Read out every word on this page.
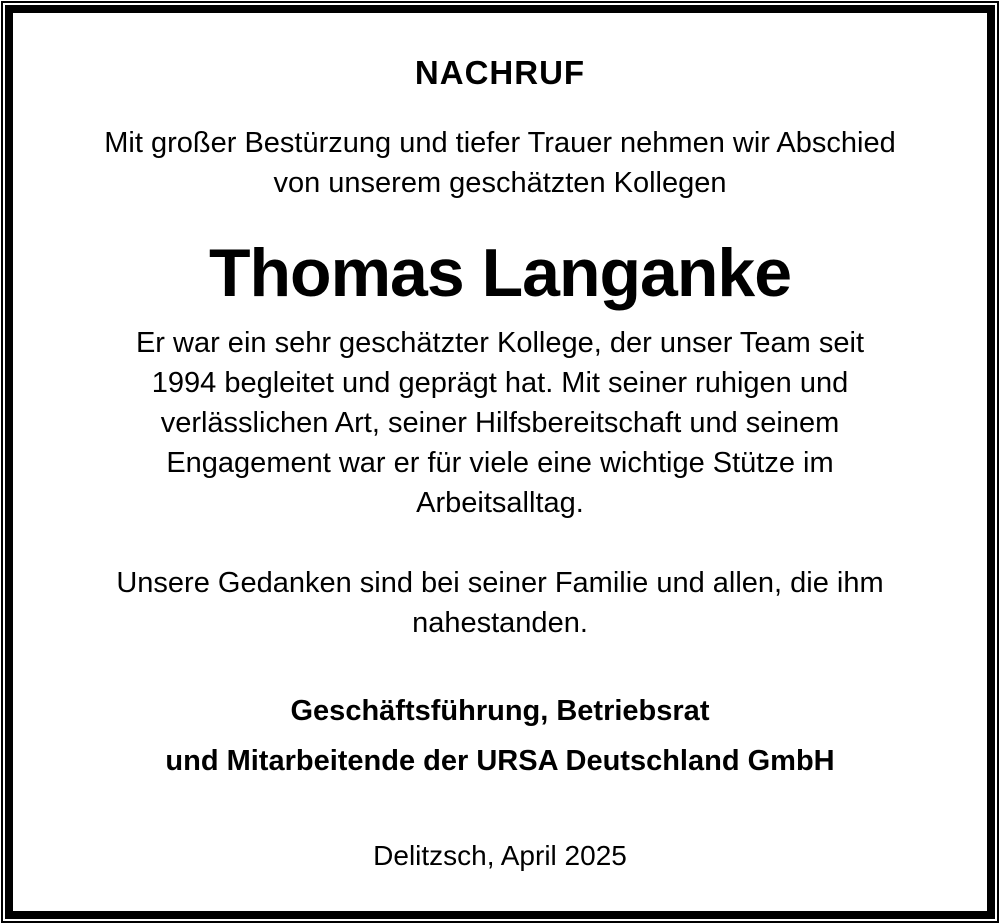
NACHRUF
Mit großer Bestürzung und tiefer Trauer nehmen wir Abschied
von unserem geschätzten Kollegen
Thomas Langanke
Er war ein sehr geschätzter Kollege, der unser Team seit
1994 begleitet und geprägt hat. Mit seiner ruhigen und
verlässlichen Art, seiner Hilfsbereitschaft und seinem
Engagement war er für viele eine wichtige Stütze im
Arbeitsalltag.
Unsere Gedanken sind bei seiner Familie und allen, die ihm
nahestanden.
Geschäftsführung, Betriebsrat
und Mitarbeitende der URSA Deutschland GmbH
Delitzsch, April 2025
